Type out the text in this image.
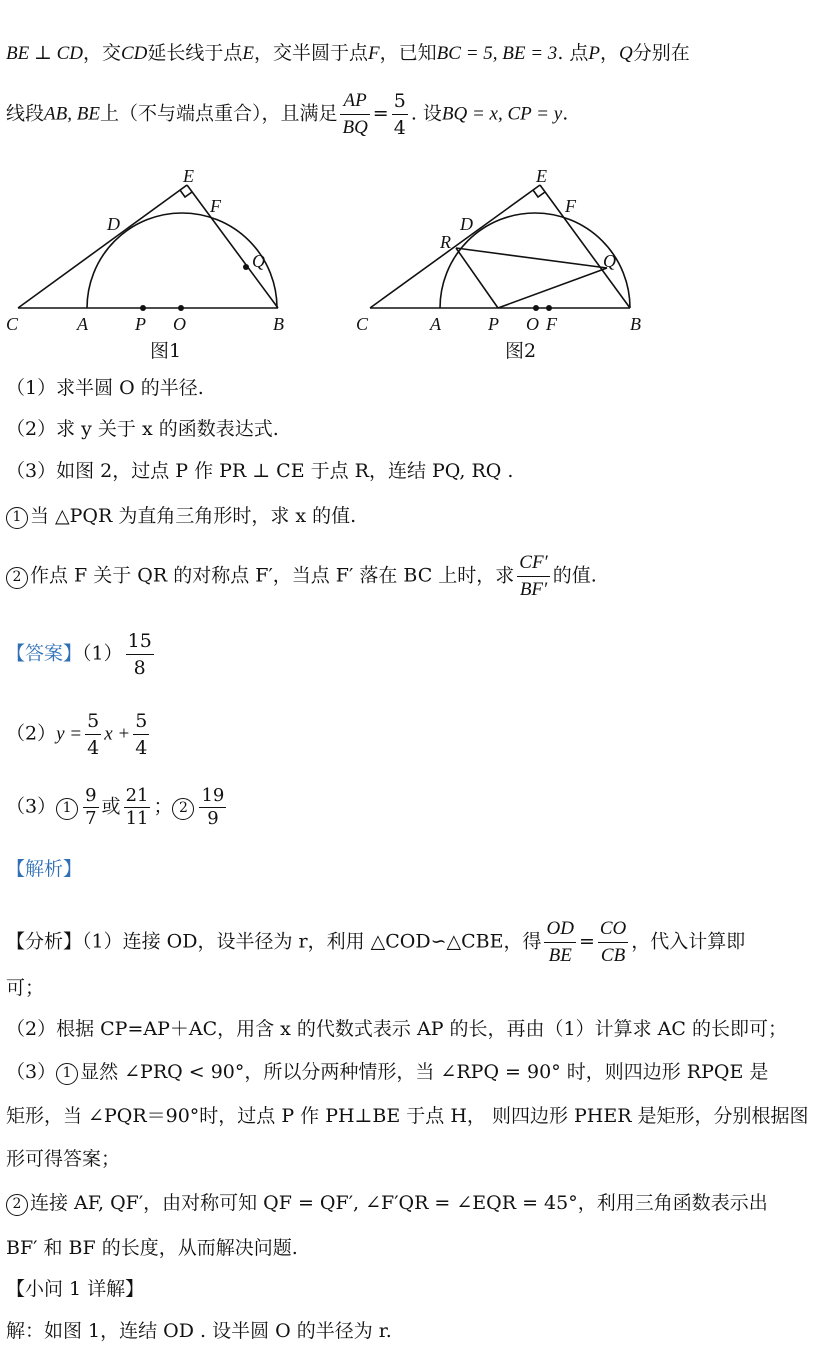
BE ⊥ CD，交CD延长线于点E，交半圆于点F，已知BC = 5, BE = 3. 点P，Q分别在
线段AB, BE上（不与端点重合），且满足 $\frac{AP}{BQ} = \frac{5}{4}$ . 设BQ = x, CP = y.
E
F
D
Q
C	A	P O	B
图1
E
F
D
R
Q
C	A	P O F	B
图2
（1）求半圆 O 的半径.
（2）求 y 关于 x 的函数表达式.
（3）如图 2，过点 P 作 PR ⊥ CE 于点 R，连结 PQ, RQ .
1 当 △PQR 为直角三角形时，求 x 的值.
2 作点 F 关于 QR 的对称点 F′，当点 F′ 落在 BC 上时，求 $\frac{CF'}{BF'}$ 的值.
【答案】$(1) \frac{15}{8}$
$(2)y = \frac{5}{4}$ $x + \frac{5}{4}$
（3） $1 \frac{9}{7}$ 或 $\frac{21}{11}$ ； $2 \frac{19}{9}$
【解析】
【分析】（1）连接 OD，设半径为 r，利用 △COD∽△CBE，得 $\frac{OD}{BE} = \frac{CO}{CB}$ ，代入计算即
可；
（2）根据 CP=AP＋AC，用含 x 的代数式表示 AP 的长，再由（1）计算求 AC 的长即可；
（3） 1 显然 ∠PRQ < 90°，所以分两种情形，当 ∠RPQ = 90° 时，则四边形 RPQE 是
矩形，当 ∠PQR＝90°时，过点 P 作 PH⊥BE 于点 H， 则四边形 PHER 是矩形，分别根据图
形可得答案；
2 连接 AF, QF′，由对称可知 QF = QF′, ∠F′QR = ∠EQR = 45°，利用三角函数表示出
BF′ 和 BF 的长度，从而解决问题.
【小问 1 详解】
解：如图 1，连结 OD . 设半圆 O 的半径为 r.
